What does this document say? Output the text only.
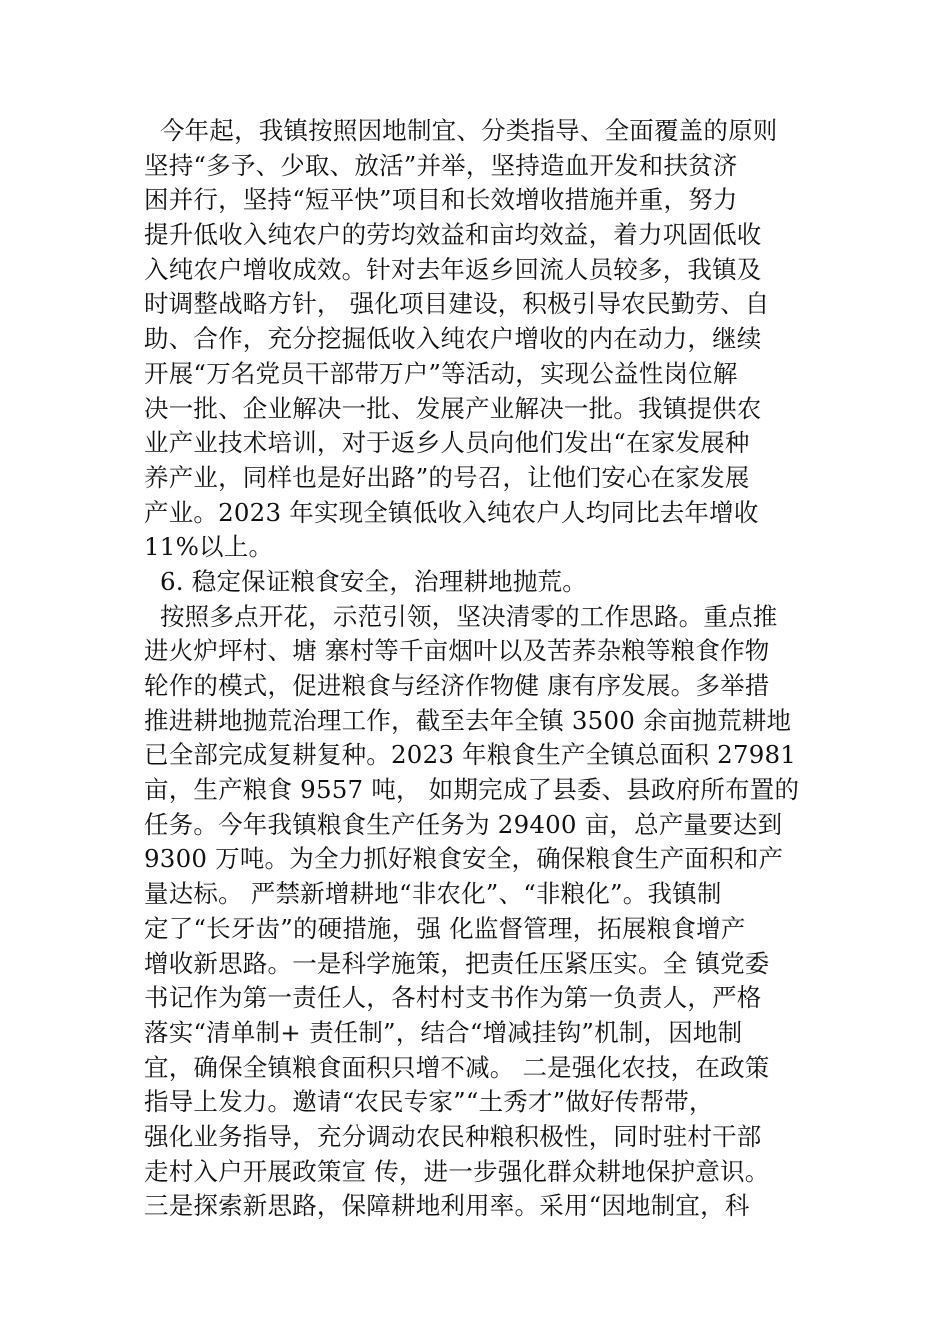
今年起，我镇按照因地制宜、分类指导、全面覆盖的原则
坚持“多予、少取、放活”并举，坚持造血开发和扶贫济
困并行，坚持“短平快”项目和长效增收措施并重，努力
提升低收入纯农户的劳均效益和亩均效益，着力巩固低收
入纯农户增收成效。针对去年返乡回流人员较多，我镇及
时调整战略方针， 强化项目建设，积极引导农民勤劳、自
助、合作，充分挖掘低收入纯农户增收的内在动力，继续
开展“万名党员干部带万户”等活动，实现公益性岗位解
决一批、企业解决一批、发展产业解决一批。我镇提供农
业产业技术培训，对于返乡人员向他们发出“在家发展种
养产业，同样也是好出路”的号召，让他们安心在家发展
产业。2023 年实现全镇低收入纯农户人均同比去年增收
11%以上。
6. 稳定保证粮食安全，治理耕地抛荒。
按照多点开花，示范引领，坚决清零的工作思路。重点推
进火炉坪村、塘 寨村等千亩烟叶以及苦荞杂粮等粮食作物
轮作的模式，促进粮食与经济作物健 康有序发展。多举措
推进耕地抛荒治理工作，截至去年全镇 3500 余亩抛荒耕地
已全部完成复耕复种。2023 年粮食生产全镇总面积 27981
亩，生产粮食 9557 吨， 如期完成了县委、县政府所布置的
任务。今年我镇粮食生产任务为 29400 亩，总产量要达到
9300 万吨。为全力抓好粮食安全，确保粮食生产面积和产
量达标。 严禁新增耕地“非农化”、“非粮化”。我镇制
定了“长牙齿”的硬措施，强 化监督管理，拓展粮食增产
增收新思路。一是科学施策，把责任压紧压实。全 镇党委
书记作为第一责任人，各村村支书作为第一负责人，严格
落实“清单制+ 责任制”，结合“增减挂钩”机制，因地制
宜，确保全镇粮食面积只增不减。 二是强化农技，在政策
指导上发力。邀请“农民专家”“土秀才”做好传帮带，
强化业务指导，充分调动农民种粮积极性，同时驻村干部
走村入户开展政策宣 传，进一步强化群众耕地保护意识。
三是探索新思路，保障耕地利用率。采用“因地制宜，科
